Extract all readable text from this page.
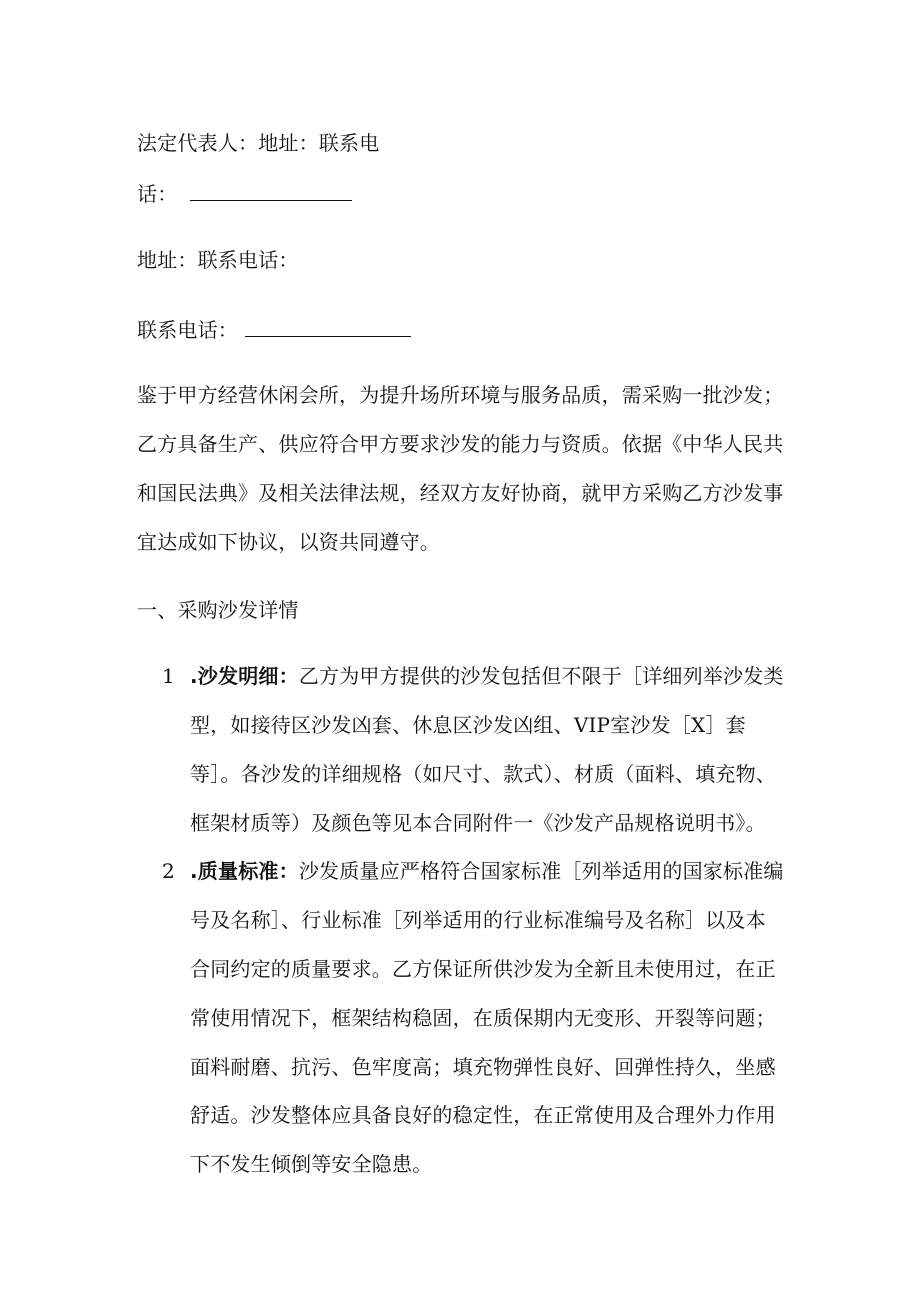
法定代表人：地址：联系电
话：
地址：联系电话：
联系电话：
鉴于甲方经营休闲会所，为提升场所环境与服务品质，需采购一批沙发；
乙方具备生产、供应符合甲方要求沙发的能力与资质。依据《中华人民共
和国民法典》及相关法律法规，经双方友好协商，就甲方采购乙方沙发事
宜达成如下协议，以资共同遵守。
一、采购沙发详情
1 .沙发明细：乙方为甲方提供的沙发包括但不限于［详细列举沙发类
型，如接待区沙发凶套、休息区沙发凶组、VIP室沙发［X］套
等］。各沙发的详细规格（如尺寸、款式）、材质（面料、填充物、
框架材质等）及颜色等见本合同附件一《沙发产品规格说明书》。
2 .质量标准：沙发质量应严格符合国家标准［列举适用的国家标准编
号及名称］、行业标准［列举适用的行业标准编号及名称］以及本
合同约定的质量要求。乙方保证所供沙发为全新且未使用过，在正
常使用情况下，框架结构稳固，在质保期内无变形、开裂等问题；
面料耐磨、抗污、色牢度高；填充物弹性良好、回弹性持久，坐感
舒适。沙发整体应具备良好的稳定性，在正常使用及合理外力作用
下不发生倾倒等安全隐患。
